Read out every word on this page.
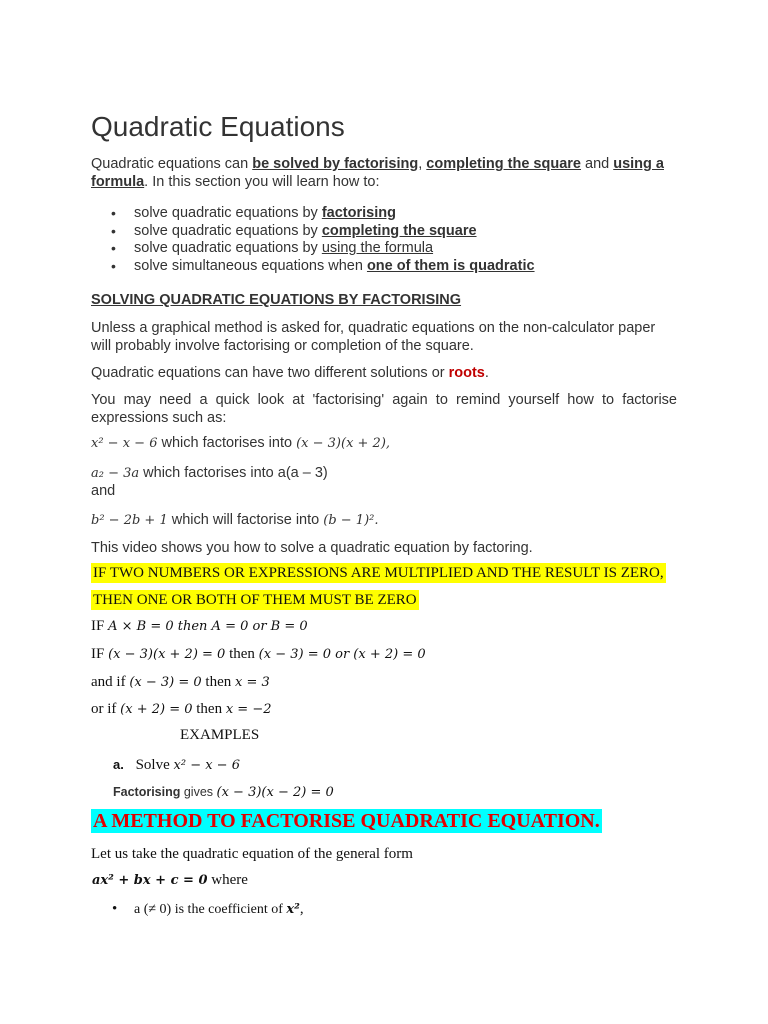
Quadratic Equations
Quadratic equations can be solved by factorising, completing the square and using a formula. In this section you will learn how to:
• solve quadratic equations by factorising
• solve quadratic equations by completing the square
• solve quadratic equations by using the formula
• solve simultaneous equations when one of them is quadratic
SOLVING QUADRATIC EQUATIONS BY FACTORISING
Unless a graphical method is asked for, quadratic equations on the non-calculator paper will probably involve factorising or completion of the square.
Quadratic equations can have two different solutions or roots.
You may need a quick look at 'factorising' again to remind yourself how to factorise expressions such as:
x² − x − 6 which factorises into (x − 3)(x + 2),
a₂ − 3a which factorises into a(a – 3)
and
b² − 2b + 1 which will factorise into (b − 1)².
This video shows you how to solve a quadratic equation by factoring.
IF TWO NUMBERS OR EXPRESSIONS ARE MULTIPLIED AND THE RESULT IS ZERO,
THEN ONE OR BOTH OF THEM MUST BE ZERO
IF A × B = 0 then A = 0 or B = 0
IF (x − 3)(x + 2) = 0 then (x − 3) = 0 or (x + 2) = 0
and if (x − 3) = 0 then x = 3
or if (x + 2) = 0 then x = −2
EXAMPLES
a. Solve x² − x − 6
Factorising gives (x − 3)(x − 2) = 0
A METHOD TO FACTORISE QUADRATIC EQUATION.
Let us take the quadratic equation of the general form
ax² + bx + c = 0 where
• a (≠ 0) is the coefficient of x²,
